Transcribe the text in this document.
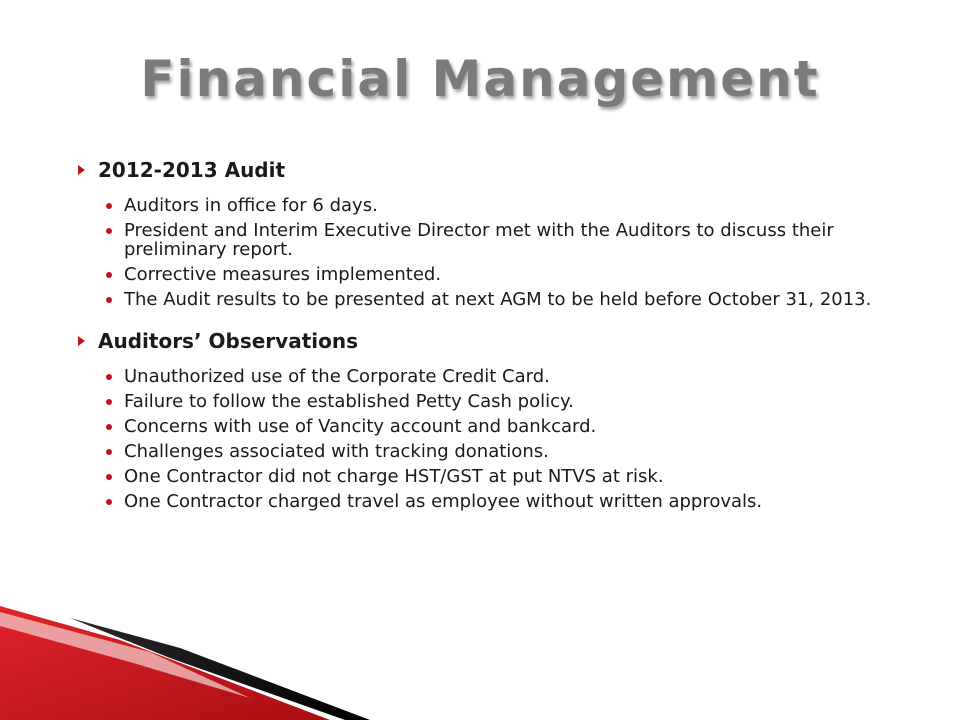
Financial Management
2012-2013 Audit
Auditors in office for 6 days.
President and Interim Executive Director met with the Auditors to discuss their preliminary report.
Corrective measures implemented.
The Audit results to be presented at next AGM to be held before October 31, 2013.
Auditors’ Observations
Unauthorized use of the Corporate Credit Card.
Failure to follow the established Petty Cash policy.
Concerns with use of Vancity account and bankcard.
Challenges associated with tracking donations.
One Contractor did not charge HST/GST at put NTVS at risk.
One Contractor charged travel as employee without written approvals.
